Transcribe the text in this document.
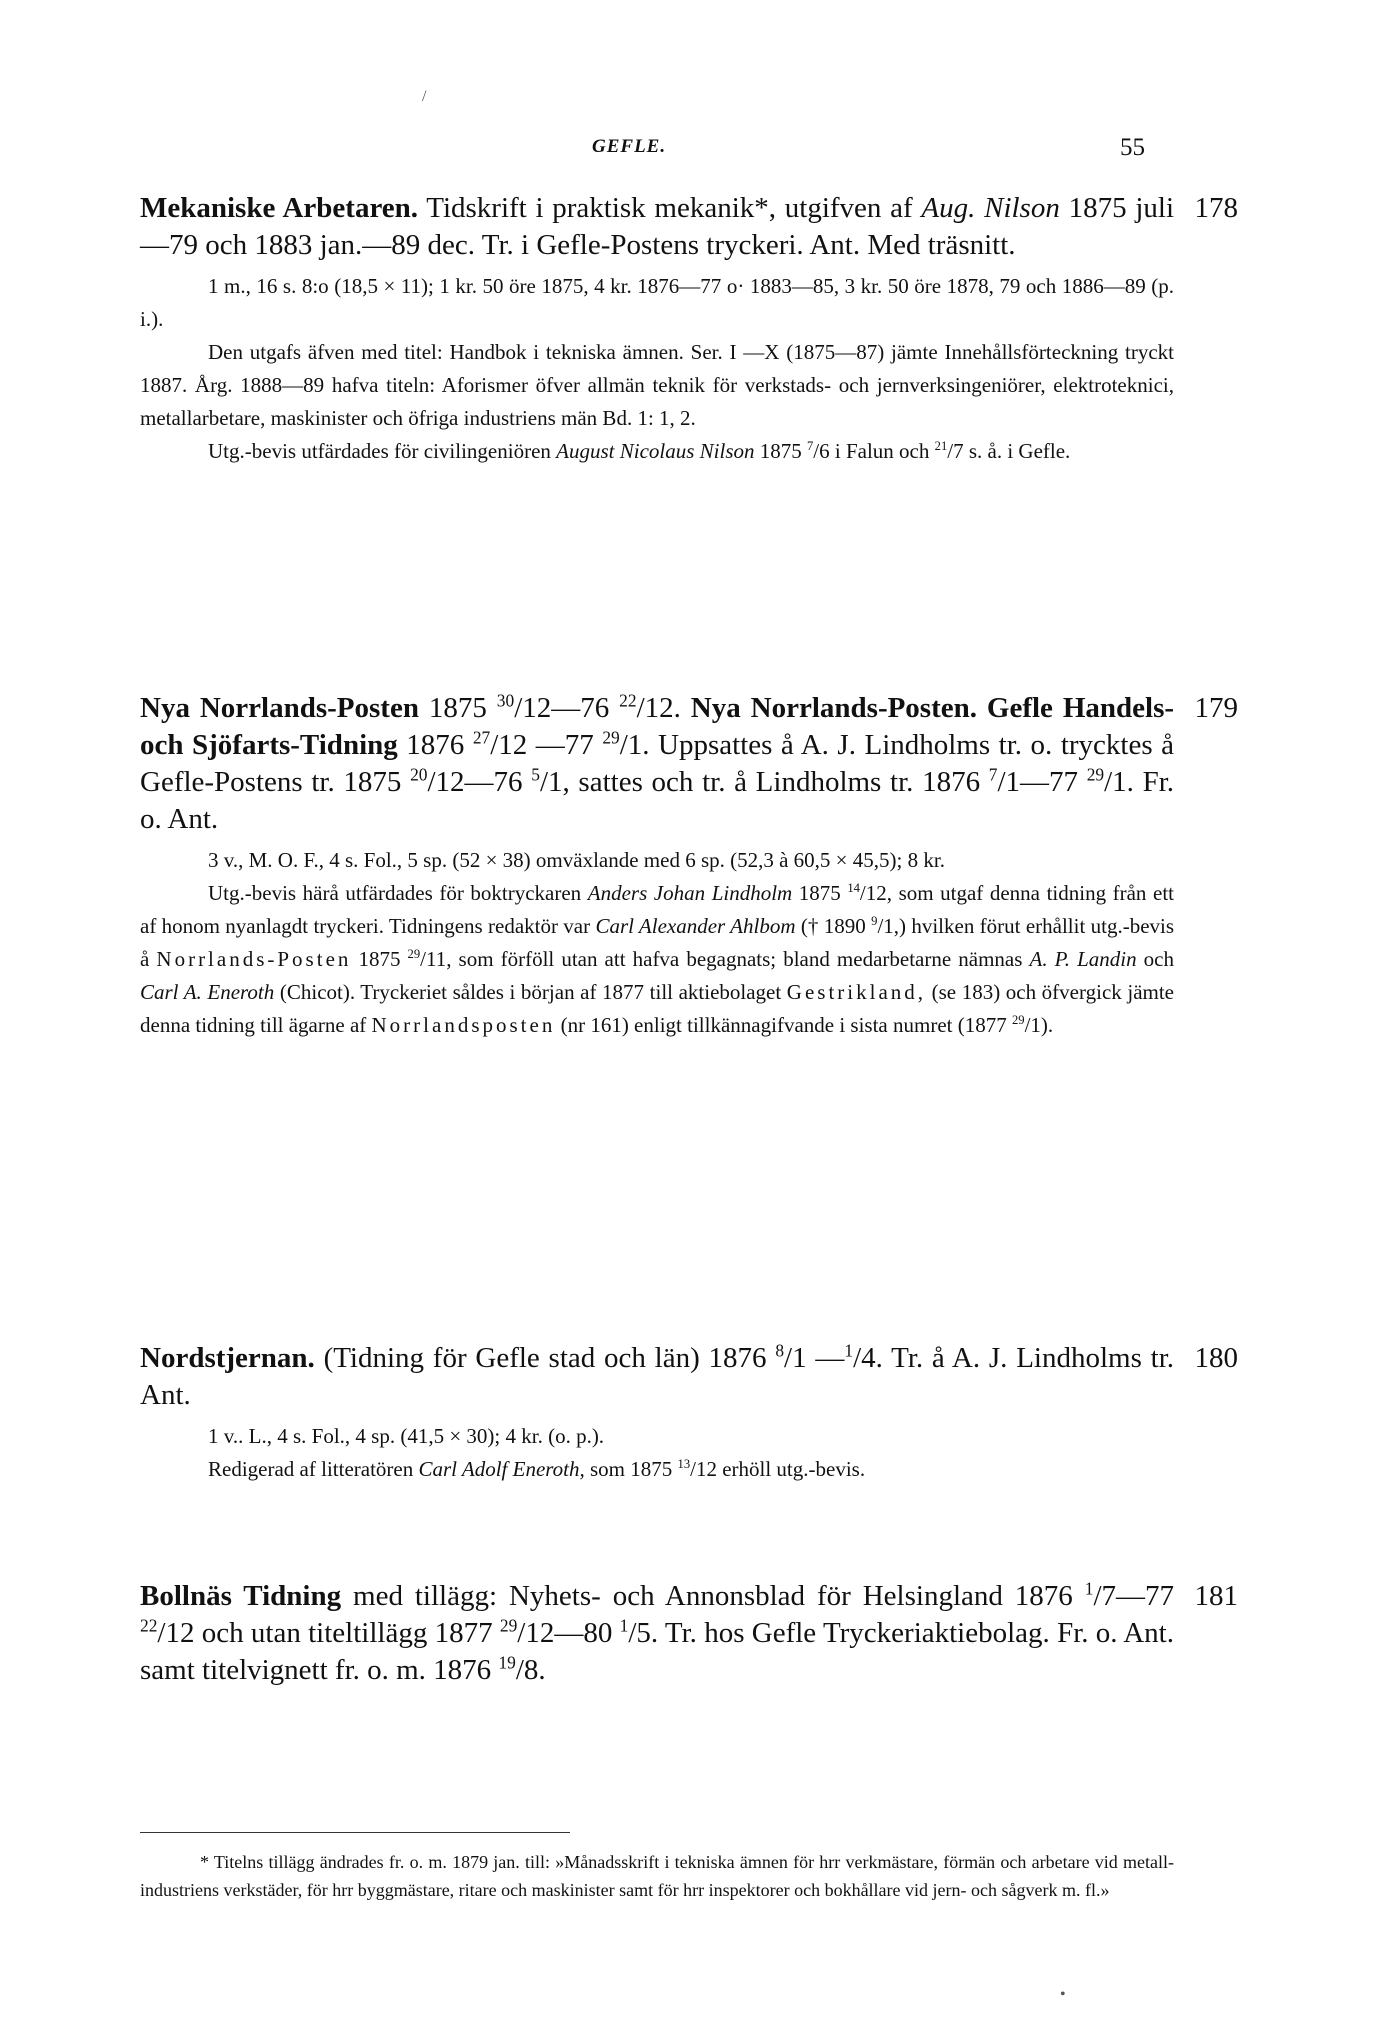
/
GEFLE.	55
178

Mekaniske Arbetaren. Tidskrift i praktisk mekanik*, utgifven af Aug. Nilson 1875 juli—79 och 1883 jan.—89 dec. Tr. i Gefle-Postens tryckeri. Ant. Med träsnitt.

1 m., 16 s. 8:o (18,5 × 11); 1 kr. 50 öre 1875, 4 kr. 1876—77 o· 1883—85, 3 kr. 50 öre 1878, 79 och 1886—89 (p. i.).

Den utgafs äfven med titel: Handbok i tekniska ämnen. Ser. I —X (1875—87) jämte Innehållsförteckning tryckt 1887. Årg. 1888—89 hafva titeln: Aforismer öfver allmän teknik för verkstads- och jernverksingeniörer, elektroteknici, metallarbetare, maskinister och öfriga industriens män Bd. 1: 1, 2.

Utg.-bevis utfärdades för civilingeniören August Nicolaus Nilson 1875 $^7$/6 i Falun och $^{21}$/7 s. å. i Gefle.

179

Nya Norrlands-Posten 1875 $^{30}$/12—76 $^{22}$/12. Nya Norrlands-Posten. Gefle Handels- och Sjöfarts-Tidning 1876 $^{27}$/12 —77 $^{29}$/1. Uppsattes å A. J. Lindholms tr. o. trycktes å Gefle-Postens tr. 1875 $^{20}$/12—76 $^5$/1, sattes och tr. å Lindholms tr. 1876 $^7$/1—77 $^{29}$/1. Fr. o. Ant.

3 v., M. O. F., 4 s. Fol., 5 sp. (52 × 38) omväxlande med 6 sp. (52,3 à 60,5 × 45,5); 8 kr.

Utg.-bevis härå utfärdades för boktryckaren Anders Johan Lindholm 1875 $^{14}$/12, som utgaf denna tidning från ett af honom nyanlagdt tryckeri. Tidningens redaktör var Carl Alexander Ahlbom († 1890 $^9$/1,) hvilken förut erhållit utg.-bevis å Norrlands-Posten 1875 $^{29}$/11, som förföll utan att hafva begagnats; bland medarbetarne nämnas A. P. Landin och Carl A. Eneroth (Chicot). Tryckeriet såldes i början af 1877 till aktiebolaget Gestrikland, (se 183) och öfvergick jämte denna tidning till ägarne af Norrlandsposten (nr 161) enligt tillkännagifvande i sista numret (1877 $^{29}$/1).

180

Nordstjernan. (Tidning för Gefle stad och län) 1876 $^8$/1 —$^1$/4. Tr. å A. J. Lindholms tr. Ant.

1 v.. L., 4 s. Fol., 4 sp. (41,5 × 30); 4 kr. (o. p.).

Redigerad af litteratören Carl Adolf Eneroth, som 1875 $^{13}$/12 erhöll utg.-bevis.

181

Bollnäs Tidning med tillägg: Nyhets- och Annonsblad för Helsingland 1876 $^1$/7—77 $^{22}$/12 och utan titeltillägg 1877 $^{29}$/12—80 $^1$/5. Tr. hos Gefle Tryckeriaktiebolag. Fr. o. Ant. samt titelvignett fr. o. m. 1876 $^{19}$/8.

* Titelns tillägg ändrades fr. o. m. 1879 jan. till: »Månadsskrift i tekniska ämnen för hrr verkmästare, förmän och arbetare vid metall-industriens verkstäder, för hrr byggmästare, ritare och maskinister samt för hrr inspektorer och bokhållare vid jern- och sågverk m. fl.»

•
